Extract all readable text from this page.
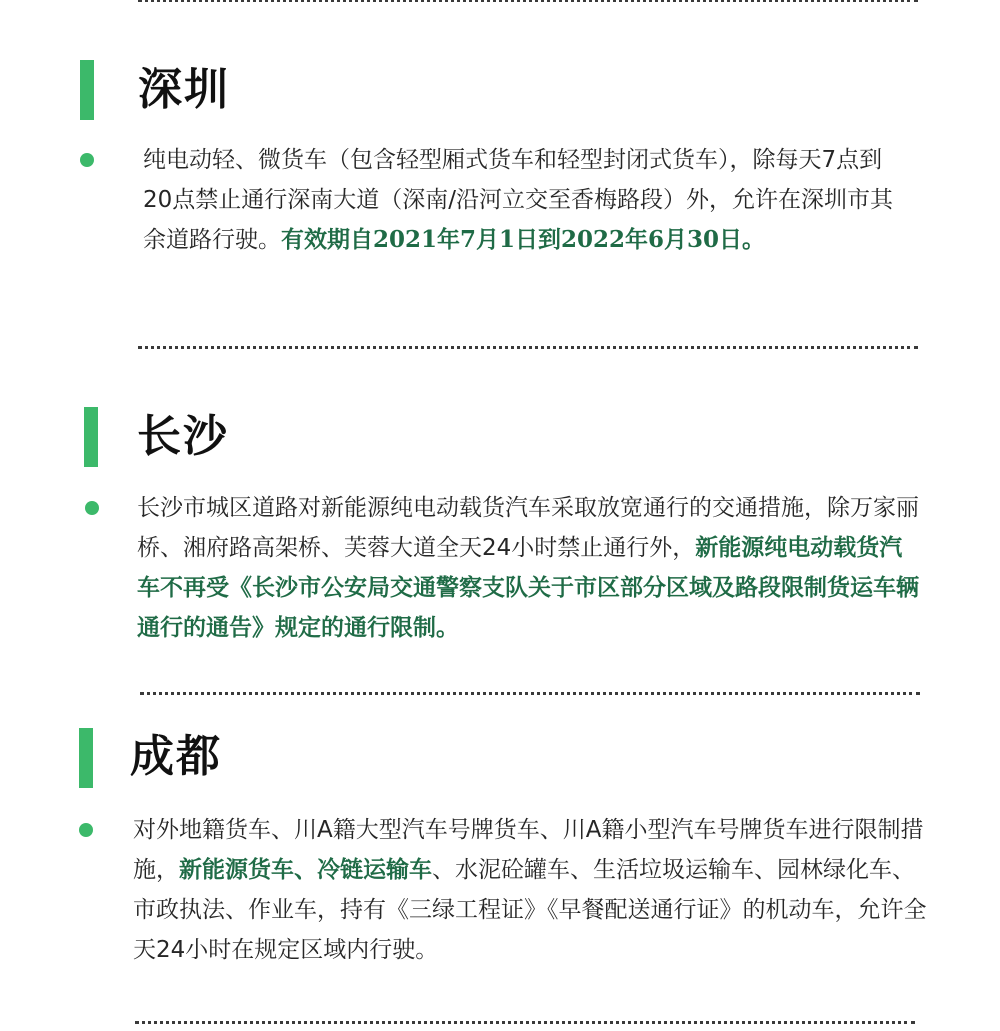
深圳

纯电动轻、微货车（包含轻型厢式货车和轻型封闭式货车），除每天7点到20点禁止通行深南大道（深南/沿河立交至香梅路段）外，允许在深圳市其余道路行驶。有效期自2021年7月1日到2022年6月30日。

长沙

长沙市城区道路对新能源纯电动载货汽车采取放宽通行的交通措施，除万家丽桥、湘府路高架桥、芙蓉大道全天24小时禁止通行外，新能源纯电动载货汽车不再受《长沙市公安局交通警察支队关于市区部分区域及路段限制货运车辆通行的通告》规定的通行限制。

成都

对外地籍货车、川A籍大型汽车号牌货车、川A籍小型汽车号牌货车进行限制措施，新能源货车、冷链运输车、水泥砼罐车、生活垃圾运输车、园林绿化车、市政执法、作业车，持有《三绿工程证》《早餐配送通行证》的机动车，允许全天24小时在规定区域内行驶。
